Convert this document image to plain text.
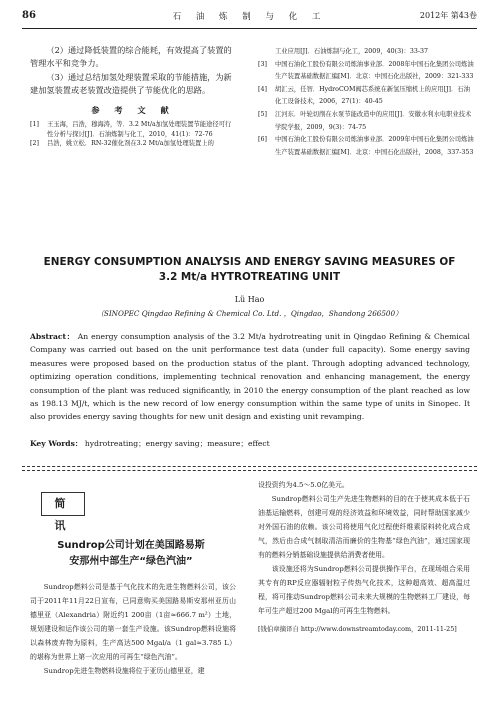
86	石 油 炼 制 与 化 工	2012年 第43卷

（2）通过降低装置的综合能耗，有效提高了装置的管理水平和竞争力。

（3）通过总结加氢处理装置采取的节能措施，为新建加氢装置或老装置改造提供了节能优化的思路。

参 考 文 献
[1]	王玉海，吕浩，穆海涛，等．3.2 Mt/a加氢处理装置节能途径可行性分析与探讨[J]．石油炼制与化工，2010，41(1)：72-76
[2]	吕浩，姚立松．RN-32催化剂在3.2 Mt/a加氢处理装置上的
工业应用[J]．石油炼制与化工，2009，40(3)：33-37
[3]	中国石油化工股份有限公司炼油事业部．2008年中国石化集团公司炼油生产装置基础数据汇编[M]．北京：中国石化出版社，2009：321-333
[4]	胡汇云，任智．HydroCOM阀芯系统在新氢压缩机上的应用[J]．石油化工设备技术，2006，27(1)：40-45
[5]	江河东．叶轮切削在水泵节能改造中的应用[J]．安徽水利水电职业技术学院学报，2009，9(3)：74-75
[6]	中国石油化工股份有限公司炼油事业部．2009年中国石化集团公司炼油生产装置基础数据汇编[M]．北京：中国石化出版社，2008，337-353
ENERGY CONSUMPTION ANALYSIS AND ENERGY SAVING MEASURES OF
3.2 Mt/a HYTROTREATING UNIT
Lü Hao
（SINOPEC Qingdao Refining & Chemical Co. Ltd. ，Qingdao，Shandong 266500）
Abstract： An energy consumption analysis of the 3.2 Mt/a hydrotreating unit in Qingdao Refining & Chemical Company was carried out based on the unit performance test data (under full capacity). Some energy saving measures were proposed based on the production status of the plant. Through adopting advanced technology, optimizing operation conditions, implementing technical renovation and enhancing management, the energy consumption of the plant was reduced significantly, in 2010 the energy consumption of the plant reached as low as 198.13 MJ/t, which is the new record of low energy consumption within the same type of units in Sinopec. It also provides energy saving thoughts for new unit design and existing unit revamping.
Key Words： hydrotreating；energy saving；measure；effect
简 讯
Sundrop公司计划在美国路易斯
安那州中部生产“绿色汽油”

Sundrop燃料公司是基于气化技术的先进生物燃料公司，该公司于2011年11月22日宣布，已同意购买美国路易斯安那州亚历山德里亚（Alexandria）附近约1 200亩（1亩≈666.7 m²）土地，规划建设和运作该公司的第一套生产设施。该Sundrop燃料设施将以森林废弃物为原料，生产高达500 Mgal/a（1 gal≈3.785 L）的堪称为世界上第一次应用的可再生“绿色汽油”。

Sundrop先进生物燃料设施将位于亚历山德里亚，建

设投资约为4.5～5.0亿美元。

Sundrop燃料公司生产先进生物燃料的目的在于使其成本低于石油基运输燃料，创建可观的经济效益和环境效益，同时帮助国家减少对外国石油的依赖。该公司将使用气化过程使纤维素原料转化成合成气，然后由合成气制取清洁而廉价的生物基“绿色汽油”，通过国家现有的燃料分销基础设施提供给消费者使用。

该设施还将为Sundrop燃料公司提供操作平台，在现场组合采用其专有的RP反应器辐射粒子传热气化技术，这种超高效、超高温过程，将可推动Sundrop燃料公司未来大规模的生物燃料工厂建设，每年可生产超过200 Mgal的可再生生物燃料。

[钱伯章摘译自 http://www.downstreamtoday.com，2011-11-25]
